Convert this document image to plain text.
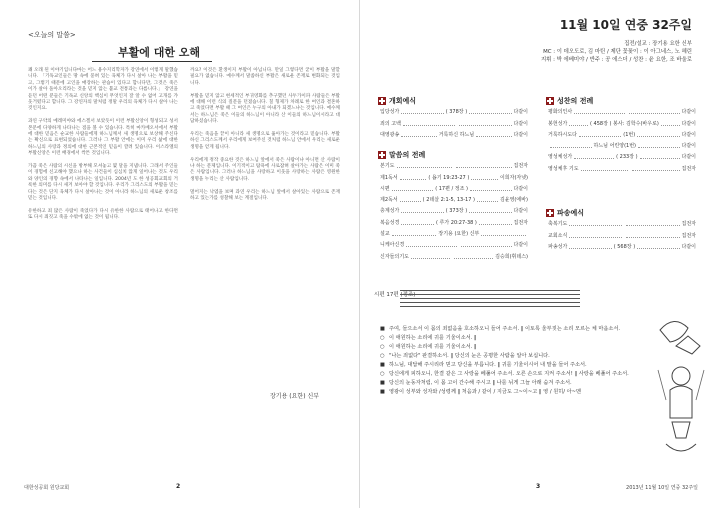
<오늘의 말씀>
부활에 대한 오해

꽤 오래 된 이야기입니다마는 어느 용수지리학자가 강연에서 이렇게 말했습니다. 「기독교인들은 땅 속에 묻혀 있는 육체가 다시 살아 나는 부활을 믿고, 그렇기 때문에 고인을 매장하는 관습이 있다고 합니다만, 그것은 죽은 이가 살아 돌아오리라는 것을 믿지 않는 불교 전통과는 다릅니다.」 강연을 듣던 어떤 분들은 기독교 신앙의 핵심이 무엇인지 잘 알 수 없어 고개를 갸웃거렸다고 합니다. 그 강연자의 말처럼 정말 우리의 육체가 다시 살아 나는 것인지요.

과연 구약의 예레미야와 에스겔서 보았듯이 이런 부활신앙이 형성되고 성서 본문에 다양하게 나타나는 점을 볼 수 있습니다. 특히 마카베오서에서 부활에 대한 믿음은 순교한 사람들에게 하느님께서 새 생명으로 보상해 주신다는 확신으로 표현되었습니다. 그러나 그 부활 안에는 이미 우리 삶에 대한 하느님의 사랑과 정의에 대한 근본적인 믿음이 깔려 있습니다. 이스라엘의 부활신앙은 이런 배경에서 싹튼 것입니다.

가끔 죽은 사람의 시신을 방부해 모셔놓고 몇 달을 지냅니다. 그래서 주인들이 경험에 신고해야 했으나 하는 사건들이 심심치 않게 일어나는 것도 우리와 양인의 경향 속에서 나타나는 일입니다. 2004년 도 한 성공회교회의 거룩한 의미를 다시 새겨 보아야 할 것입니다. 우리가 그리스도의 부활을 믿는다는 것은 단지 육체가 다시 살아나는 것이 아니라 하느님의 새로운 창조를 믿는 것입니다.

유한하고 죄 많은 사람이 죽었다가 다시 유한한 사람으로 태어나고 한다면 또 다시 죄짓고 죽을 수밖에 없는 것이 됩니다.

까요? 이것은 환생이지 부활이 아닙니다. 만일 그렇다면 굳이 부활을 말할 필요가 없습니다. 예수께서 말씀하신 부활은 새로운 존재로 변화되는 것입니다.

부활을 믿지 않고 현세적인 부귀영화를 추구했던 사두가이파 사람들은 부활에 대해 이런 식의 질문을 던졌습니다. 칠 형제가 차례로 한 여인과 결혼하고 죽었다면 부활 때 그 여인은 누구의 아내가 되겠느냐는 것입니다. 예수께서는 하느님은 죽은 이들의 하느님이 아니라 산 이들의 하느님이시라고 대답하셨습니다.

우리는 죽음을 끝이 아니라 새 생명으로 옮아가는 것이라고 믿습니다. 부활하신 그리스도께서 우리에게 보여주신 것처럼 하느님 안에서 우리는 새로운 생명을 얻게 됩니다.

우리에게 정작 중요한 것은 하느님 앞에서 죽은 사람이냐 아니면 산 사람이냐 하는 문제입니다. 이기적이고 탐욕에 사로잡혀 살아가는 사람은 이미 죽은 사람입니다. 그러나 하느님을 사랑하고 이웃을 사랑하는 사람은 영원한 생명을 누리는 산 사람입니다.

멀어지는 낙엽을 보며 과연 우리는 하느님 앞에서 살아있는 사람으로 존재하고 있는가를 성찰해 보는 계절입니다.

장기용 (요한) 신부
대한성공회 원당교회	2
11월 10일 연중 32주일
집전/설교 : 장기용 요한 신부
MC : 이 데오도로, 김 마틴 / 제단 꽃꽂이 : 이 아그네스, 노 헤린
지휘 : 박 에베미야 / 반주 : 공 에스더 / 성찬 : 윤 요한, 조 바울로
개회예식
입당성가	( 378장 )	다같이
죄의 고백	다같이
대영광송	거룩하신 하느님	다같이
말씀의 전례
본기도	집전자
제1독서	( 욥기 19:23-27 )	이희자(자넷)
시편	( 17편 / 정조 )	다같이
제2독서	( 2데살 2:1-5, 13-17 )	김윤영(에바)
층계성가	( 373장 )	다같이
복음성경	( 루가 20:27-38 )	집전자
설교	장기용 (요한) 신부
니케아신경	다같이
신자들의기도	김승희(휘데스)
성찬의 전례
평화의인사	다같이
봉헌성가	( 458장 ) 봉사: 김학수(바우로)	다같이
거룩하시도다	(1번)	다같이
하느님 어린양(1번)	다같이
영성체성가	( 233장 )	다같이
영성체후 기도	집전자
파송예식
축복기도	집전자
교회소식	집전자
파송성가	( 568장 )	다같이
시편 17편 (정조)
■ 주여, 들으소서 이 몸의 죄없음을 호소하오니 들어 주소서. ‖ 이토록 울부짖는 소리 모르는 체 마옵소서.
○ 이 애원하는 소리에 귀를 기울이소서. ‖
○ 이 애원하는 소리에 귀를 기울이소서. ‖
○ "나는 죄없다" 판결하소서. ‖ 당신의 눈은 공평한 사람을 알아 보십니다.
■ 하느님, 대답해 주시리라 믿고 당신을 부릅니다. ‖ 귀를 기울이시어 내 말을 들어 주소서.
○ 당신에게 피하오니, 한결 같은 그 사랑을 베풀어 주소서. 오른 손으로 지켜 주소서! ‖ 사랑을 베풀어 주소서.
■ 당신의 눈동자처럼, 이 몸 고이 간수해 주시고 ‖ 나를 뉘게 그늘 아래 숨겨 주소서.
■ 영광이 성부와 성자와 /성령께 ‖ 처음과 / 같이 / 지금도 그~이~고 ‖ 영 / 원히/ 아~멘
3	2013년 11월 10일 연중 32주일
